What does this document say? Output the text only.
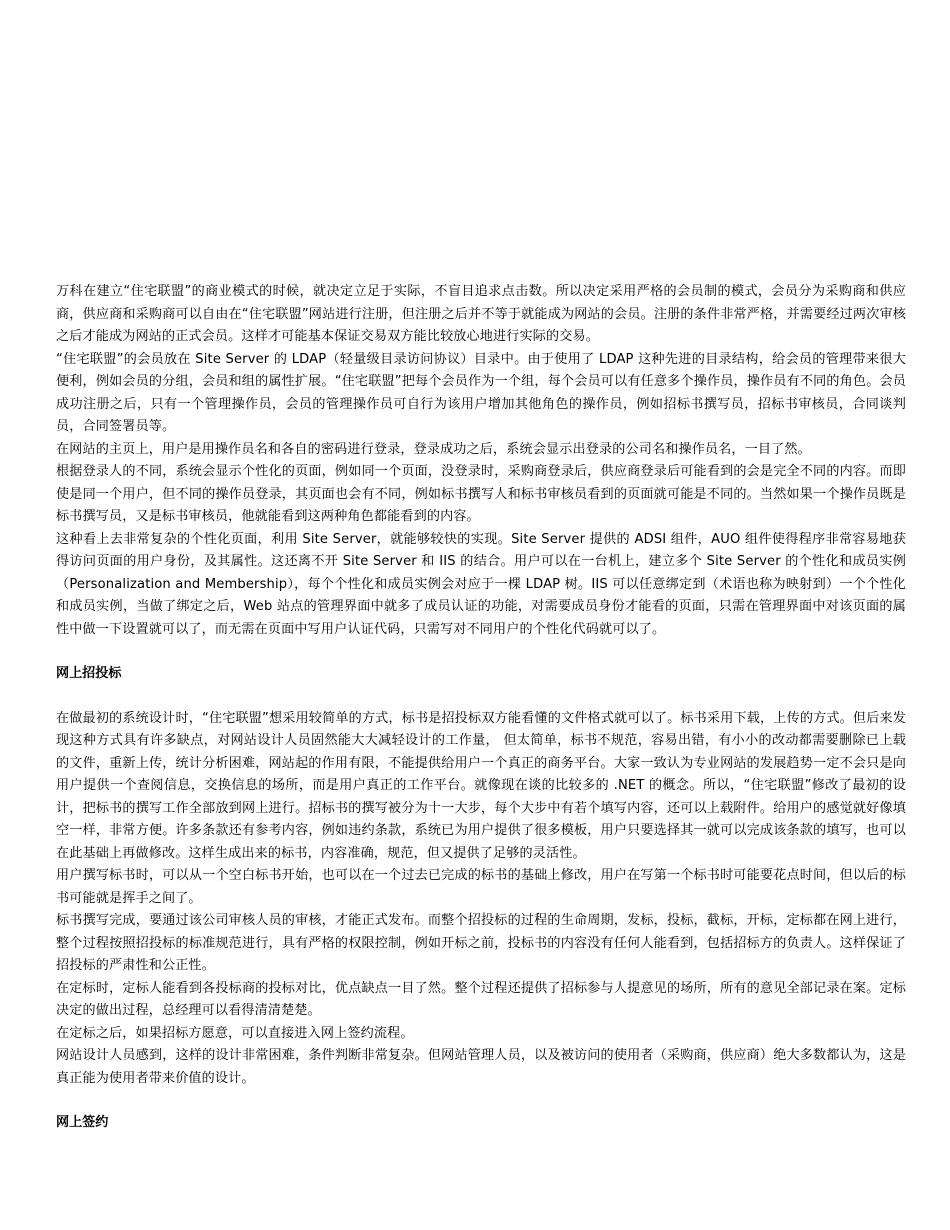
万科在建立“住宅联盟”的商业模式的时候，就决定立足于实际，不盲目追求点击数。所以决定采用严格的会员制的模式，会员分为采购商和供应商，供应商和采购商可以自由在“住宅联盟”网站进行注册，但注册之后并不等于就能成为网站的会员。注册的条件非常严格，并需要经过两次审核之后才能成为网站的正式会员。这样才可能基本保证交易双方能比较放心地进行实际的交易。

“住宅联盟”的会员放在 Site Server 的 LDAP（轻量级目录访问协议）目录中。由于使用了 LDAP 这种先进的目录结构，给会员的管理带来很大便利，例如会员的分组，会员和组的属性扩展。“住宅联盟”把每个会员作为一个组，每个会员可以有任意多个操作员，操作员有不同的角色。会员成功注册之后，只有一个管理操作员，会员的管理操作员可自行为该用户增加其他角色的操作员，例如招标书撰写员，招标书审核员，合同谈判员，合同签署员等。

在网站的主页上，用户是用操作员名和各自的密码进行登录，登录成功之后，系统会显示出登录的公司名和操作员名，一目了然。

根据登录人的不同，系统会显示个性化的页面，例如同一个页面，没登录时，采购商登录后，供应商登录后可能看到的会是完全不同的内容。而即使是同一个用户，但不同的操作员登录，其页面也会有不同，例如标书撰写人和标书审核员看到的页面就可能是不同的。当然如果一个操作员既是标书撰写员，又是标书审核员，他就能看到这两种角色都能看到的内容。

这种看上去非常复杂的个性化页面，利用 Site Server，就能够较快的实现。Site Server 提供的 ADSI 组件，AUO 组件使得程序非常容易地获得访问页面的用户身份，及其属性。这还离不开 Site Server 和 IIS 的结合。用户可以在一台机上，建立多个 Site Server 的个性化和成员实例（Personalization and Membership），每个个性化和成员实例会对应于一棵 LDAP 树。IIS 可以任意绑定到（术语也称为映射到）一个个性化和成员实例，当做了绑定之后，Web 站点的管理界面中就多了成员认证的功能，对需要成员身份才能看的页面，只需在管理界面中对该页面的属性中做一下设置就可以了，而无需在页面中写用户认证代码，只需写对不同用户的个性化代码就可以了。

网上招投标

在做最初的系统设计时，“住宅联盟”想采用较简单的方式，标书是招投标双方能看懂的文件格式就可以了。标书采用下载，上传的方式。但后来发现这种方式具有许多缺点，对网站设计人员固然能大大减轻设计的工作量， 但太简单，标书不规范，容易出错，有小小的改动都需要删除已上载的文件，重新上传，统计分析困难，网站起的作用有限，不能提供给用户一个真正的商务平台。大家一致认为专业网站的发展趋势一定不会只是向用户提供一个查阅信息，交换信息的场所，而是用户真正的工作平台。就像现在谈的比较多的 .NET 的概念。所以，“住宅联盟”修改了最初的设计，把标书的撰写工作全部放到网上进行。招标书的撰写被分为十一大步，每个大步中有若个填写内容，还可以上载附件。给用户的感觉就好像填空一样，非常方便。许多条款还有参考内容，例如违约条款，系统已为用户提供了很多模板，用户只要选择其一就可以完成该条款的填写，也可以在此基础上再做修改。这样生成出来的标书，内容准确，规范，但又提供了足够的灵活性。

用户撰写标书时，可以从一个空白标书开始，也可以在一个过去已完成的标书的基础上修改，用户在写第一个标书时可能要花点时间，但以后的标书可能就是挥手之间了。

标书撰写完成，要通过该公司审核人员的审核，才能正式发布。而整个招投标的过程的生命周期，发标，投标，截标，开标，定标都在网上进行，整个过程按照招投标的标准规范进行，具有严格的权限控制，例如开标之前，投标书的内容没有任何人能看到，包括招标方的负责人。这样保证了招投标的严肃性和公正性。

在定标时，定标人能看到各投标商的投标对比，优点缺点一目了然。整个过程还提供了招标参与人提意见的场所，所有的意见全部记录在案。定标决定的做出过程，总经理可以看得清清楚楚。

在定标之后，如果招标方愿意，可以直接进入网上签约流程。

网站设计人员感到，这样的设计非常困难，条件判断非常复杂。但网站管理人员，以及被访问的使用者（采购商，供应商）绝大多数都认为，这是真正能为使用者带来价值的设计。

网上签约
